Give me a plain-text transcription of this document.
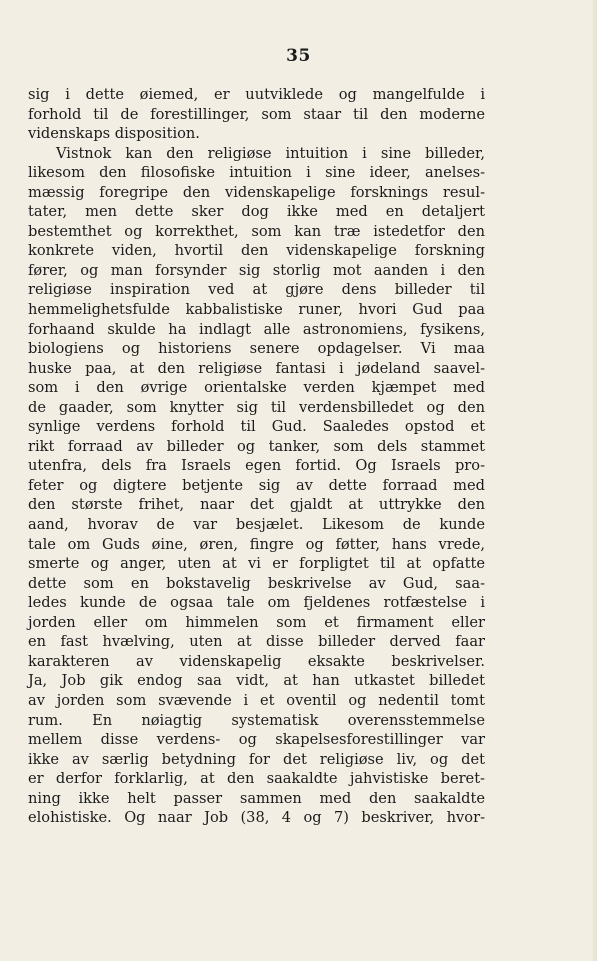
35
sig i dette øiemed, er uutviklede og mangelfulde i
forhold til de forestillinger, som staar til den moderne
videnskaps disposition.
Vistnok kan den religiøse intuition i sine billeder,
likesom den filosofiske intuition i sine ideer, anelses-
mæssig foregripe den videnskapelige forsknings resul-
tater, men dette sker dog ikke med en detaljert
bestemthet og korrekthet, som kan træ istedetfor den
konkrete viden, hvortil den videnskapelige forskning
fører, og man forsynder sig storlig mot aanden i den
religiøse inspiration ved at gjøre dens billeder til
hemmelighetsfulde kabbalistiske runer, hvori Gud paa
forhaand skulde ha indlagt alle astronomiens, fysikens,
biologiens og historiens senere opdagelser. Vi maa
huske paa, at den religiøse fantasi i jødeland saavel-
som i den øvrige orientalske verden kjæmpet med
de gaader, som knytter sig til verdensbilledet og den
synlige verdens forhold til Gud. Saaledes opstod et
rikt forraad av billeder og tanker, som dels stammet
utenfra, dels fra Israels egen fortid. Og Israels pro-
feter og digtere betjente sig av dette forraad med
den største frihet, naar det gjaldt at uttrykke den
aand, hvorav de var besjælet. Likesom de kunde
tale om Guds øine, øren, fingre og føtter, hans vrede,
smerte og anger, uten at vi er forpligtet til at opfatte
dette som en bokstavelig beskrivelse av Gud, saa-
ledes kunde de ogsaa tale om fjeldenes rotfæstelse i
jorden eller om himmelen som et firmament eller
en fast hvælving, uten at disse billeder derved faar
karakteren av videnskapelig eksakte beskrivelser.
Ja, Job gik endog saa vidt, at han utkastet billedet
av jorden som svævende i et oventil og nedentil tomt
rum. En nøiagtig systematisk overensstemmelse
mellem disse verdens- og skapelsesforestillinger var
ikke av særlig betydning for det religiøse liv, og det
er derfor forklarlig, at den saakaldte jahvistiske beret-
ning ikke helt passer sammen med den saakaldte
elohistiske. Og naar Job (38, 4 og 7) beskriver, hvor-
